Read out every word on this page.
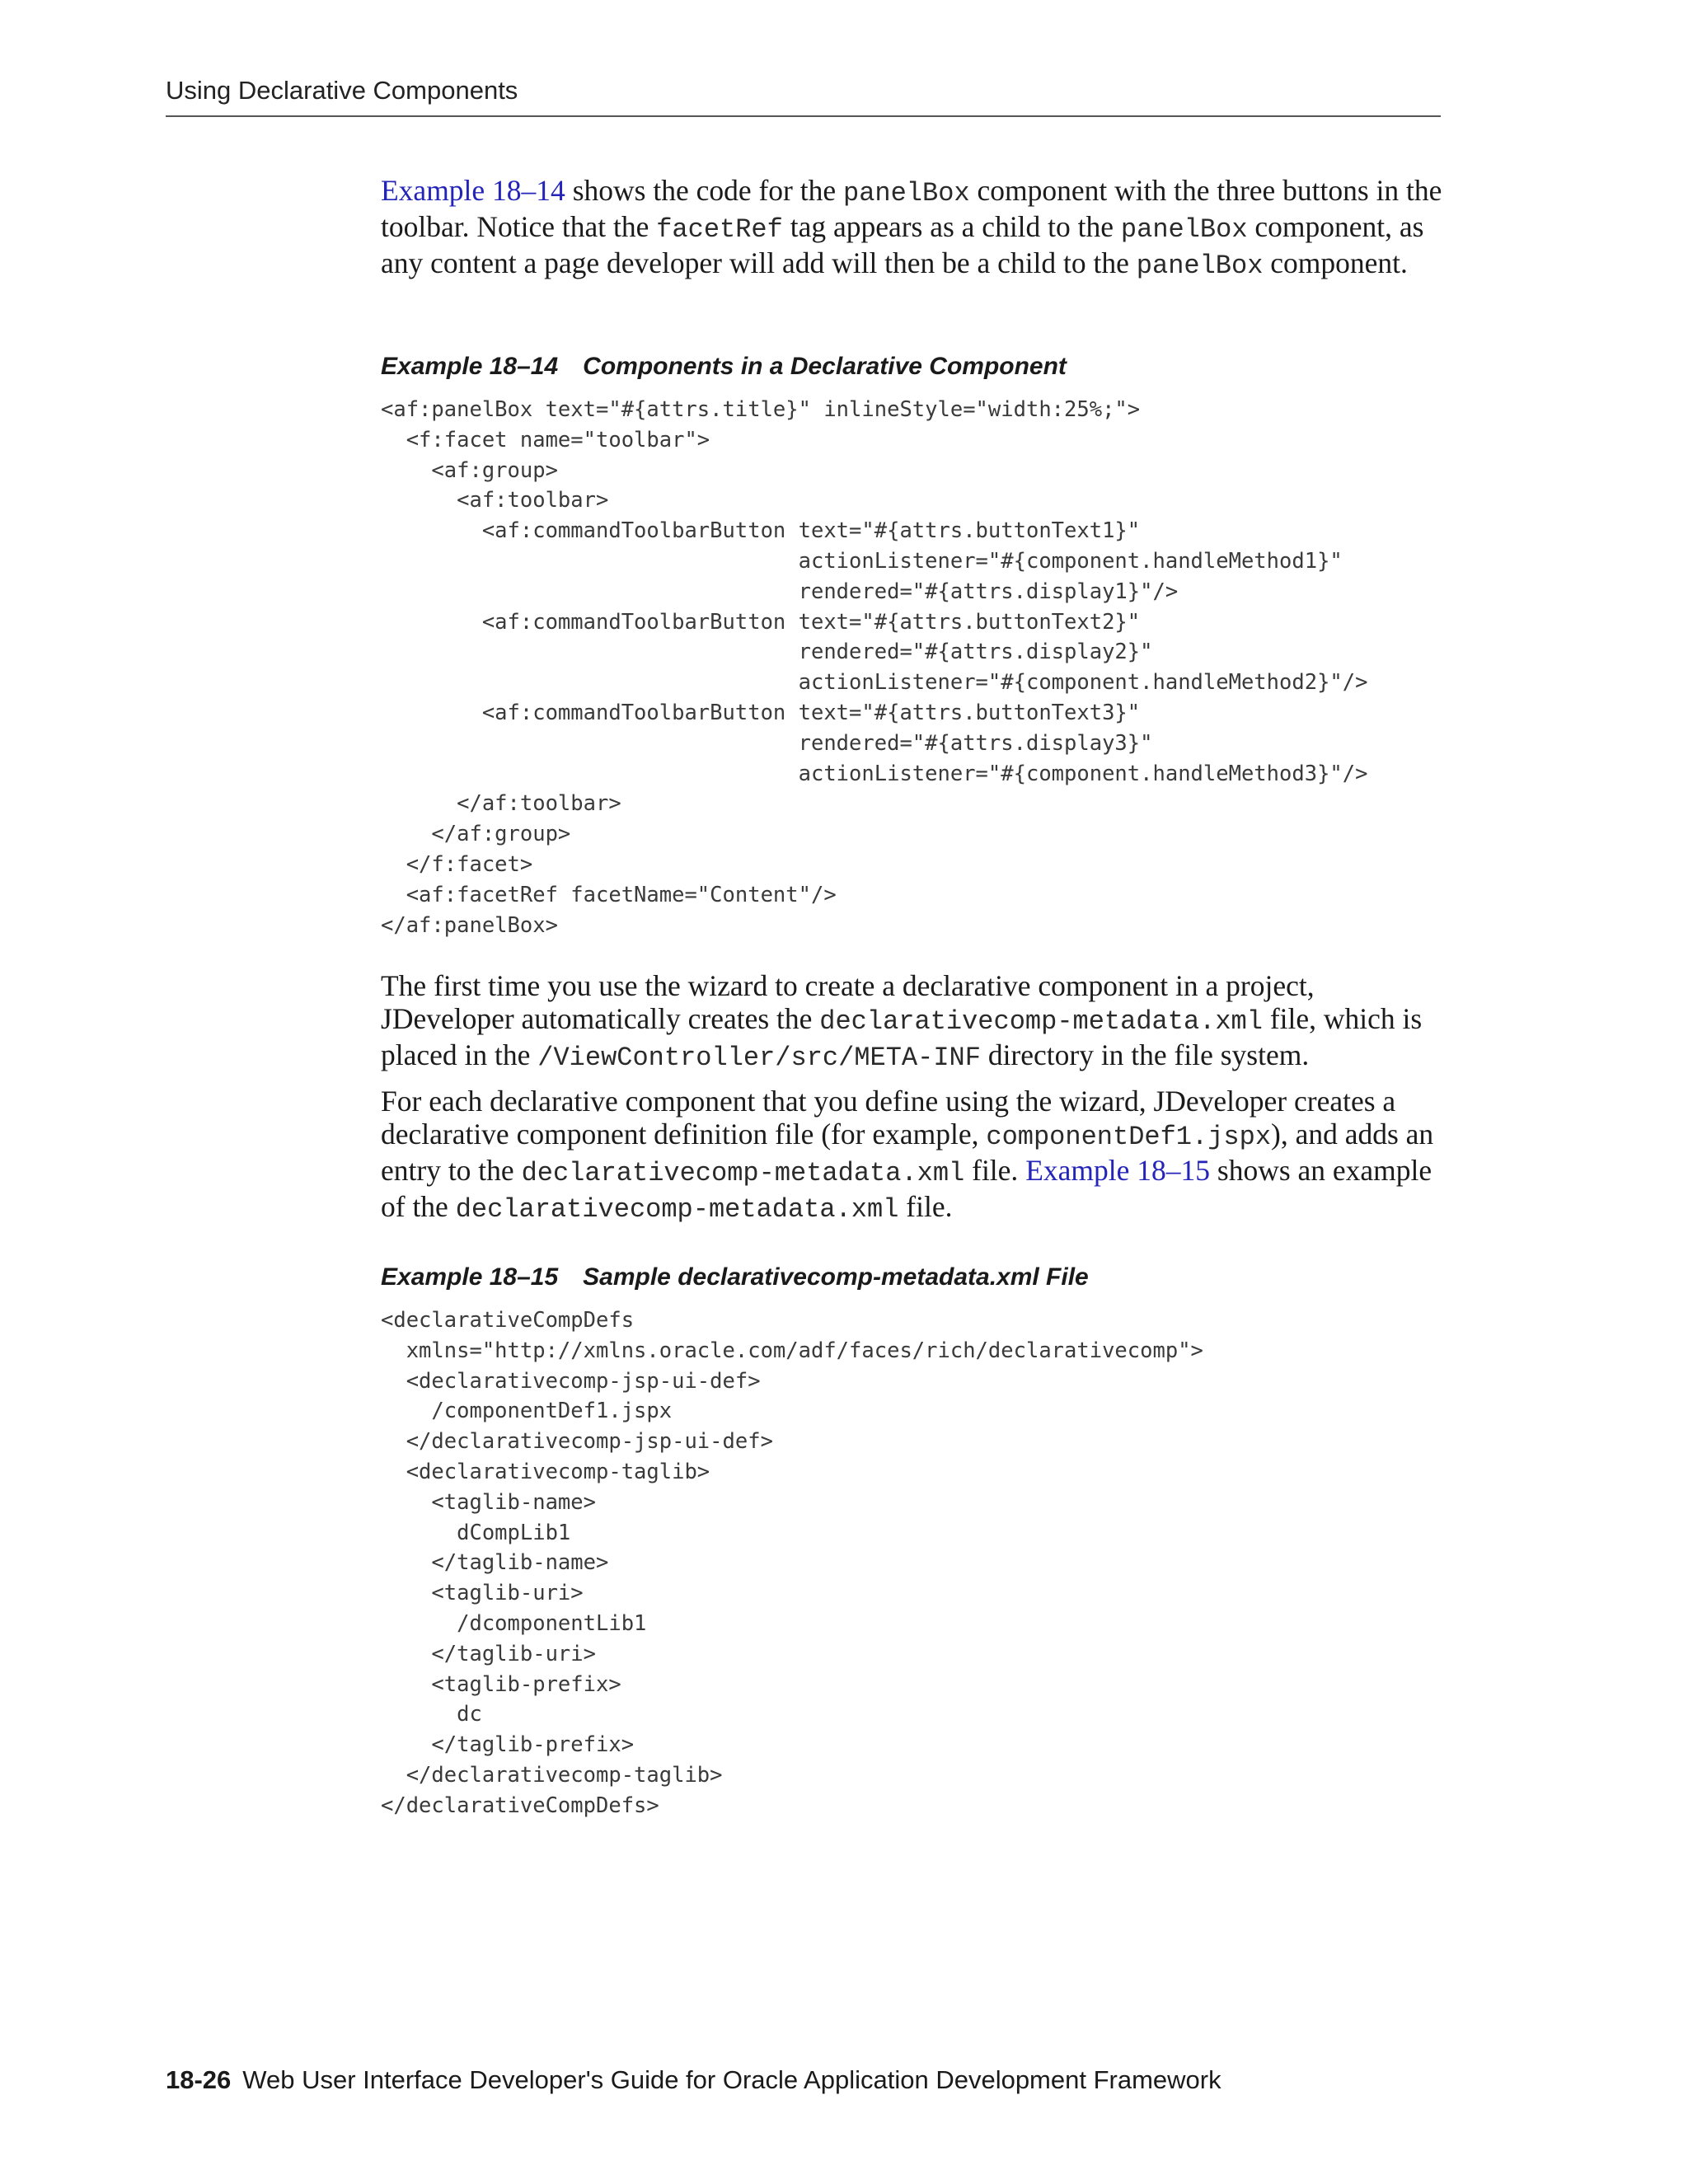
Using Declarative Components

Example 18–14 shows the code for the panelBox component with the three buttons in the toolbar. Notice that the facetRef tag appears as a child to the panelBox component, as any content a page developer will add will then be a child to the panelBox component.

Example 18–14 Components in a Declarative Component
<af:panelBox text="#{attrs.title}" inlineStyle="width:25%;">
<f:facet name="toolbar">
<af:group>
<af:toolbar>
<af:commandToolbarButton text="#{attrs.buttonText1}"
actionListener="#{component.handleMethod1}"
rendered="#{attrs.display1}"/>
<af:commandToolbarButton text="#{attrs.buttonText2}"
rendered="#{attrs.display2}"
actionListener="#{component.handleMethod2}"/>
<af:commandToolbarButton text="#{attrs.buttonText3}"
rendered="#{attrs.display3}"
actionListener="#{component.handleMethod3}"/>
</af:toolbar>
</af:group>
</f:facet>
<af:facetRef facetName="Content"/>
</af:panelBox>

The first time you use the wizard to create a declarative component in a project, JDeveloper automatically creates the declarativecomp-metadata.xml file, which is placed in the /ViewController/src/META-INF directory in the file system.

For each declarative component that you define using the wizard, JDeveloper creates a declarative component definition file (for example, componentDef1.jspx), and adds an entry to the declarativecomp-metadata.xml file. Example 18–15 shows an example of the declarativecomp-metadata.xml file.

Example 18–15 Sample declarativecomp-metadata.xml File
<declarativeCompDefs
xmlns="http://xmlns.oracle.com/adf/faces/rich/declarativecomp">
<declarativecomp-jsp-ui-def>
/componentDef1.jspx
</declarativecomp-jsp-ui-def>
<declarativecomp-taglib>
<taglib-name>
dCompLib1
</taglib-name>
<taglib-uri>
/dcomponentLib1
</taglib-uri>
<taglib-prefix>
dc
</taglib-prefix>
</declarativecomp-taglib>
</declarativeCompDefs>
18-26 Web User Interface Developer's Guide for Oracle Application Development Framework
